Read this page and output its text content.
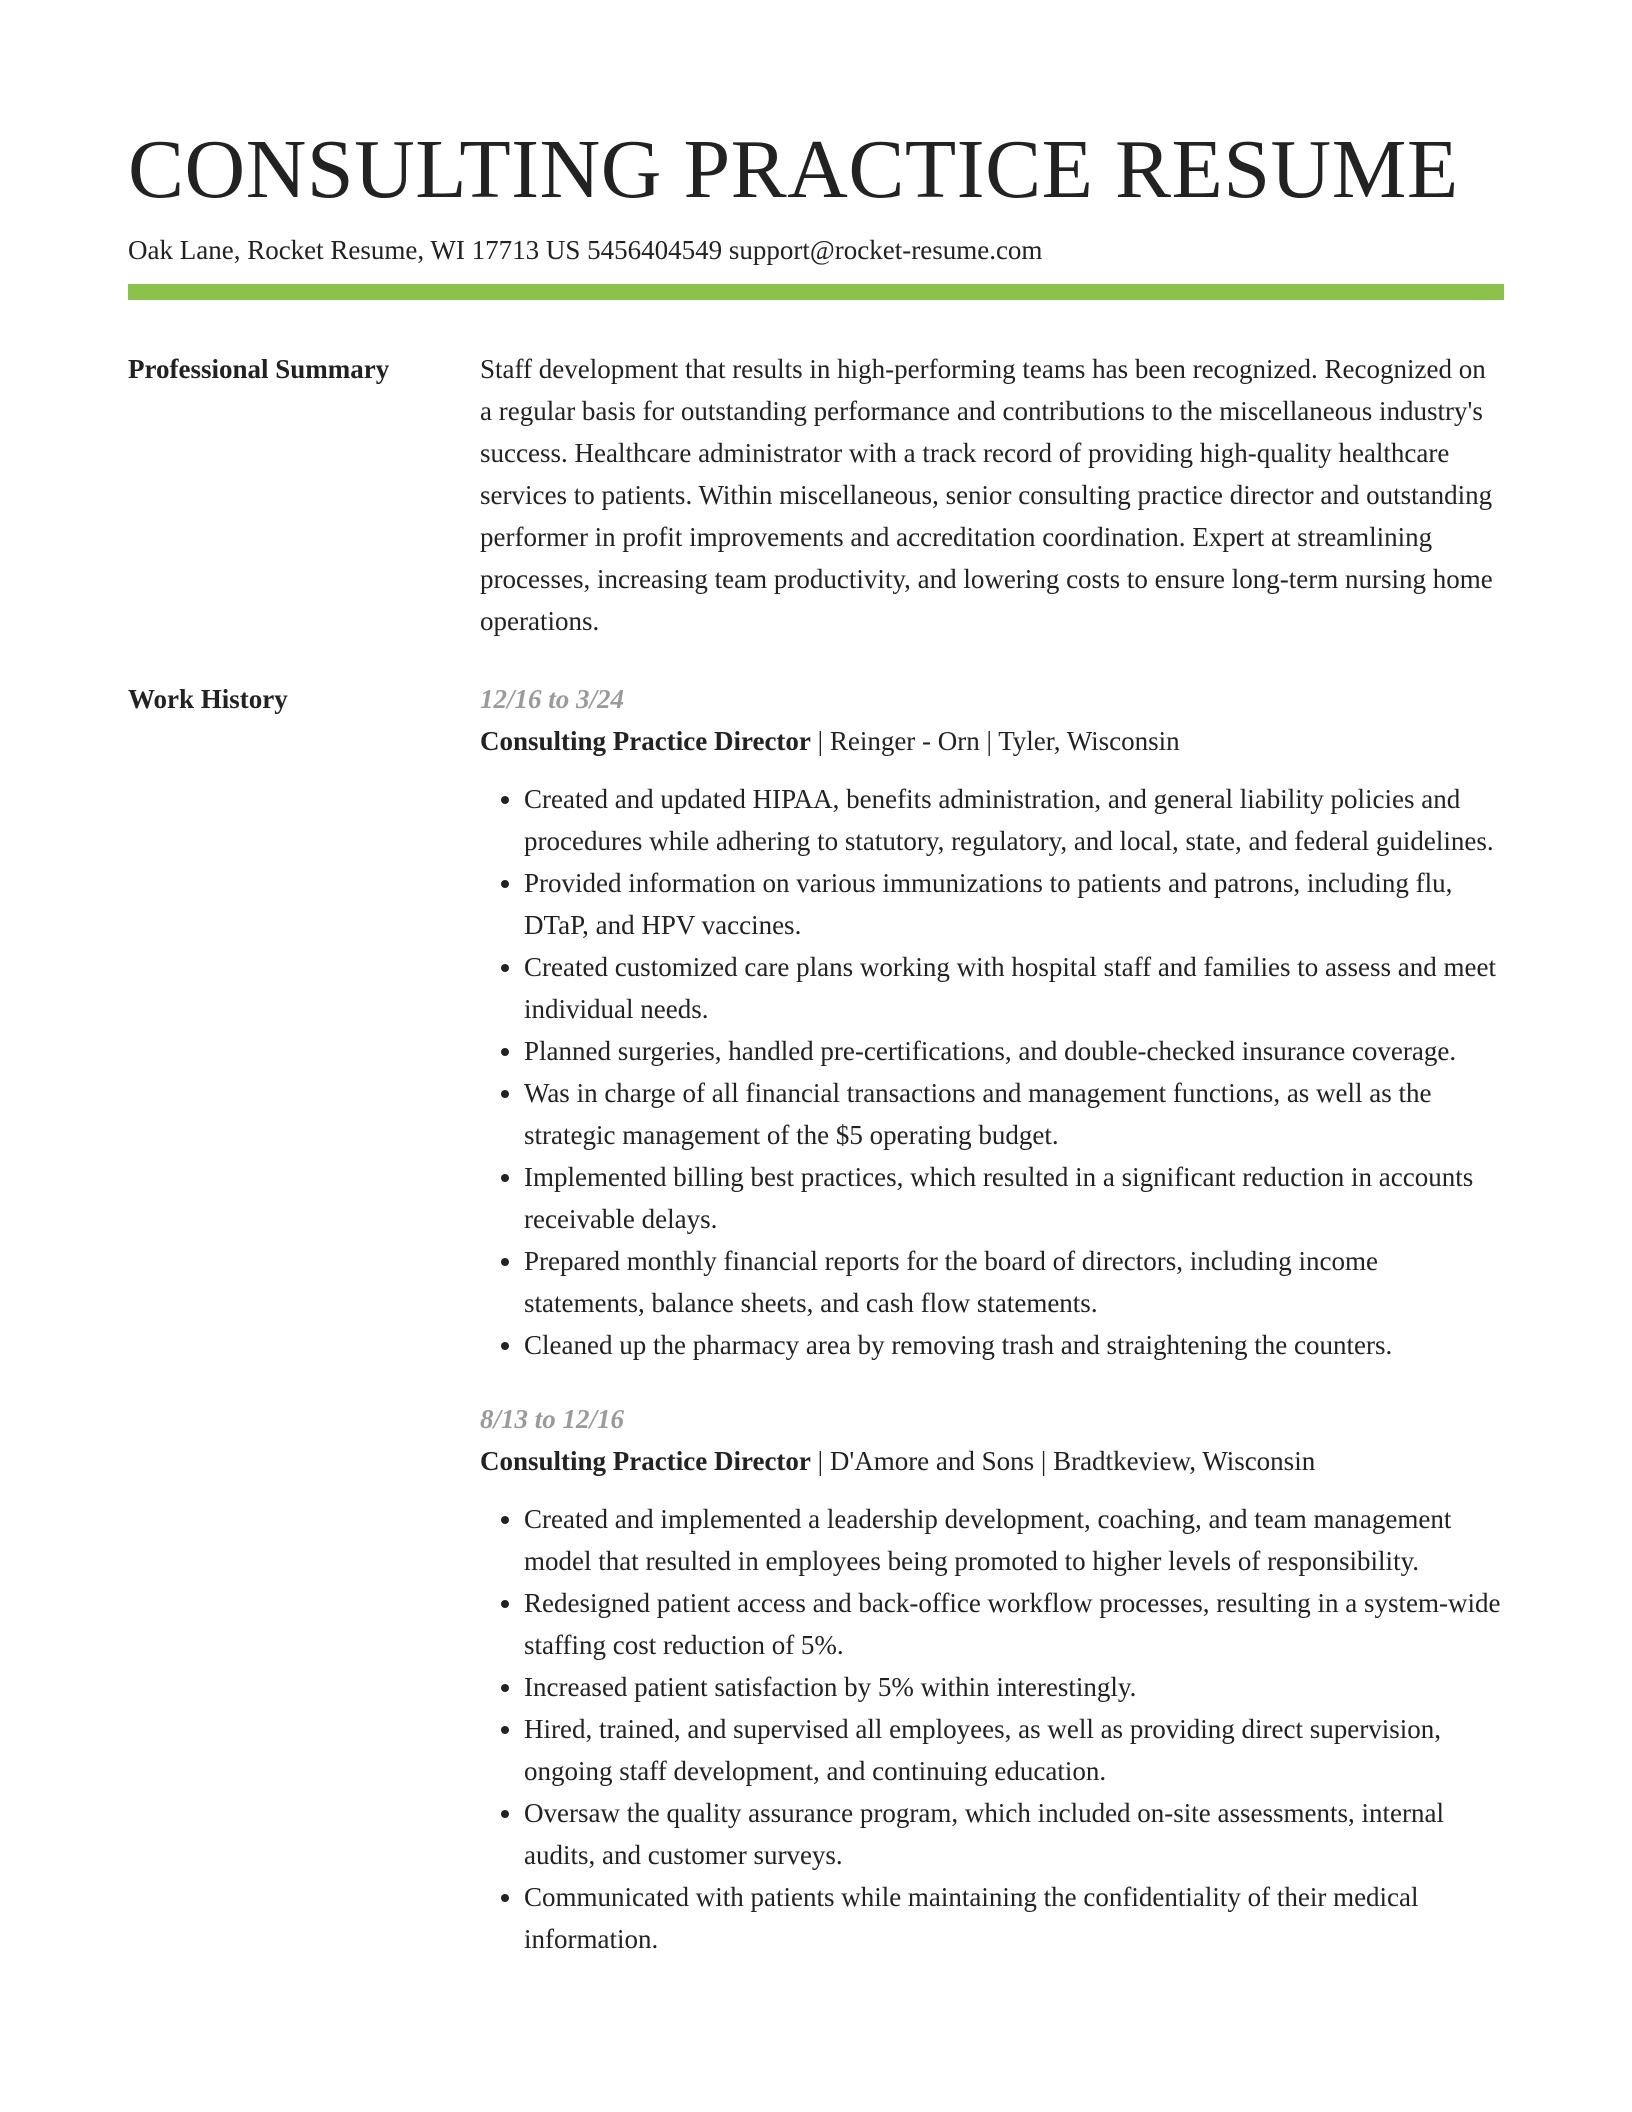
CONSULTING PRACTICE RESUME
Oak Lane, Rocket Resume, WI 17713 US 5456404549 support@rocket-resume.com
Professional Summary	Staff development that results in high-performing teams has been recognized. Recognized on a regular basis for outstanding performance and contributions to the miscellaneous industry's success. Healthcare administrator with a track record of providing high-quality healthcare services to patients. Within miscellaneous, senior consulting practice director and outstanding performer in profit improvements and accreditation coordination. Expert at streamlining processes, increasing team productivity, and lowering costs to ensure long-term nursing home operations.
Work History	12/16 to 3/24
Consulting Practice Director | Reinger - Orn | Tyler, Wisconsin
• Created and updated HIPAA, benefits administration, and general liability policies and procedures while adhering to statutory, regulatory, and local, state, and federal guidelines.
• Provided information on various immunizations to patients and patrons, including flu, DTaP, and HPV vaccines.
• Created customized care plans working with hospital staff and families to assess and meet individual needs.
• Planned surgeries, handled pre-certifications, and double-checked insurance coverage.
• Was in charge of all financial transactions and management functions, as well as the strategic management of the $5 operating budget.
• Implemented billing best practices, which resulted in a significant reduction in accounts receivable delays.
• Prepared monthly financial reports for the board of directors, including income statements, balance sheets, and cash flow statements.
• Cleaned up the pharmacy area by removing trash and straightening the counters.
8/13 to 12/16
Consulting Practice Director | D'Amore and Sons | Bradtkeview, Wisconsin
• Created and implemented a leadership development, coaching, and team management model that resulted in employees being promoted to higher levels of responsibility.
• Redesigned patient access and back-office workflow processes, resulting in a system-wide staffing cost reduction of 5%.
• Increased patient satisfaction by 5% within interestingly.
• Hired, trained, and supervised all employees, as well as providing direct supervision, ongoing staff development, and continuing education.
• Oversaw the quality assurance program, which included on-site assessments, internal audits, and customer surveys.
• Communicated with patients while maintaining the confidentiality of their medical information.
